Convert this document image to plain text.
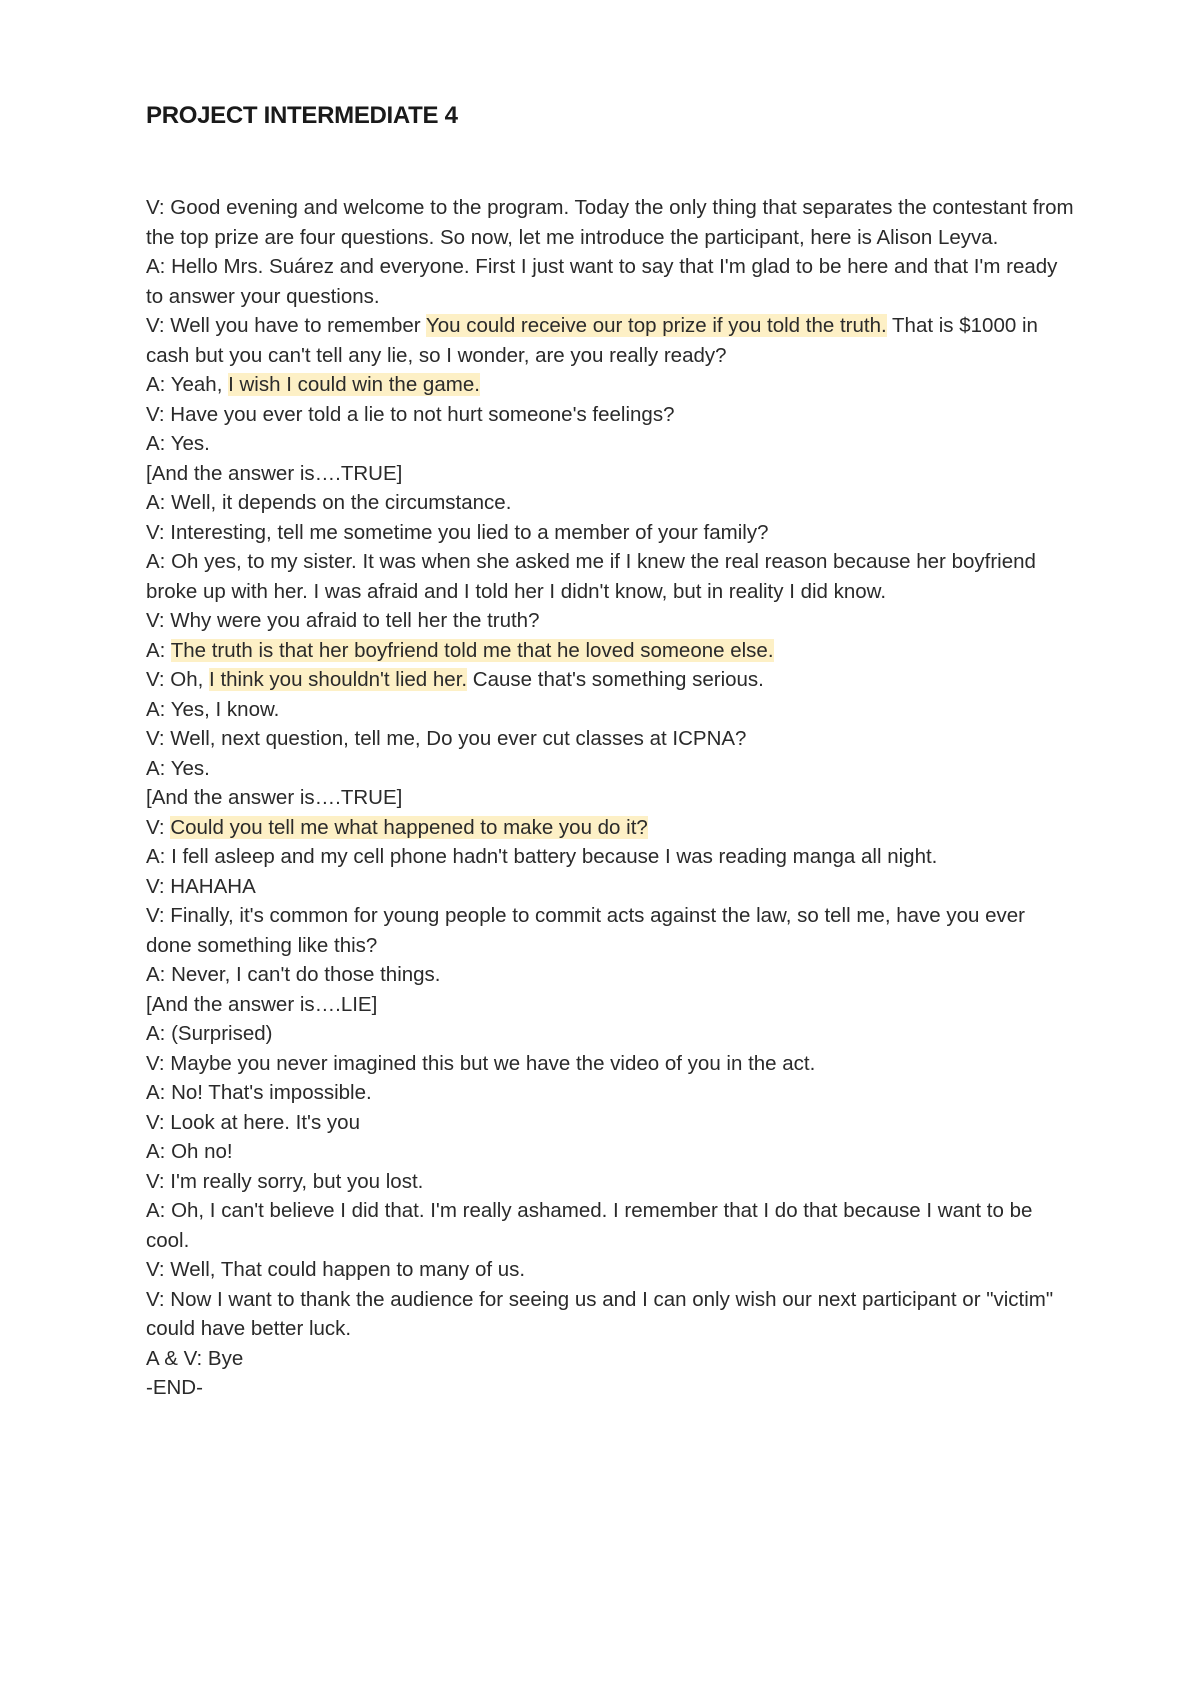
PROJECT INTERMEDIATE 4

V: Good evening and welcome to the program. Today the only thing that separates the contestant from the top prize are four questions. So now, let me introduce the participant, here is Alison Leyva.

A: Hello Mrs. Suárez and everyone. First I just want to say that I'm glad to be here and that I'm ready to answer your questions.

V: Well you have to remember You could receive our top prize if you told the truth. That is $1000 in cash but you can't tell any lie, so I wonder, are you really ready?

A: Yeah, I wish I could win the game.

V: Have you ever told a lie to not hurt someone's feelings?

A: Yes.

[And the answer is….TRUE]

A: Well, it depends on the circumstance.

V: Interesting, tell me sometime you lied to a member of your family?

A: Oh yes, to my sister. It was when she asked me if I knew the real reason because her boyfriend broke up with her. I was afraid and I told her I didn't know, but in reality I did know.

V: Why were you afraid to tell her the truth?

A: The truth is that her boyfriend told me that he loved someone else.

V: Oh, I think you shouldn't lied her. Cause that's something serious.

A: Yes, I know.

V: Well, next question, tell me, Do you ever cut classes at ICPNA?

A: Yes.

[And the answer is….TRUE]

V: Could you tell me what happened to make you do it?

A: I fell asleep and my cell phone hadn't battery because I was reading manga all night.

V: HAHAHA

V: Finally, it's common for young people to commit acts against the law, so tell me, have you ever done something like this?

A: Never, I can't do those things.

[And the answer is….LIE]

A: (Surprised)

V: Maybe you never imagined this but we have the video of you in the act.

A: No! That's impossible.

V: Look at here. It's you

A: Oh no!

V: I'm really sorry, but you lost.

A: Oh, I can't believe I did that. I'm really ashamed. I remember that I do that because I want to be cool.

V: Well, That could happen to many of us.

V: Now I want to thank the audience for seeing us and I can only wish our next participant or "victim" could have better luck.

A & V: Bye

-END-
